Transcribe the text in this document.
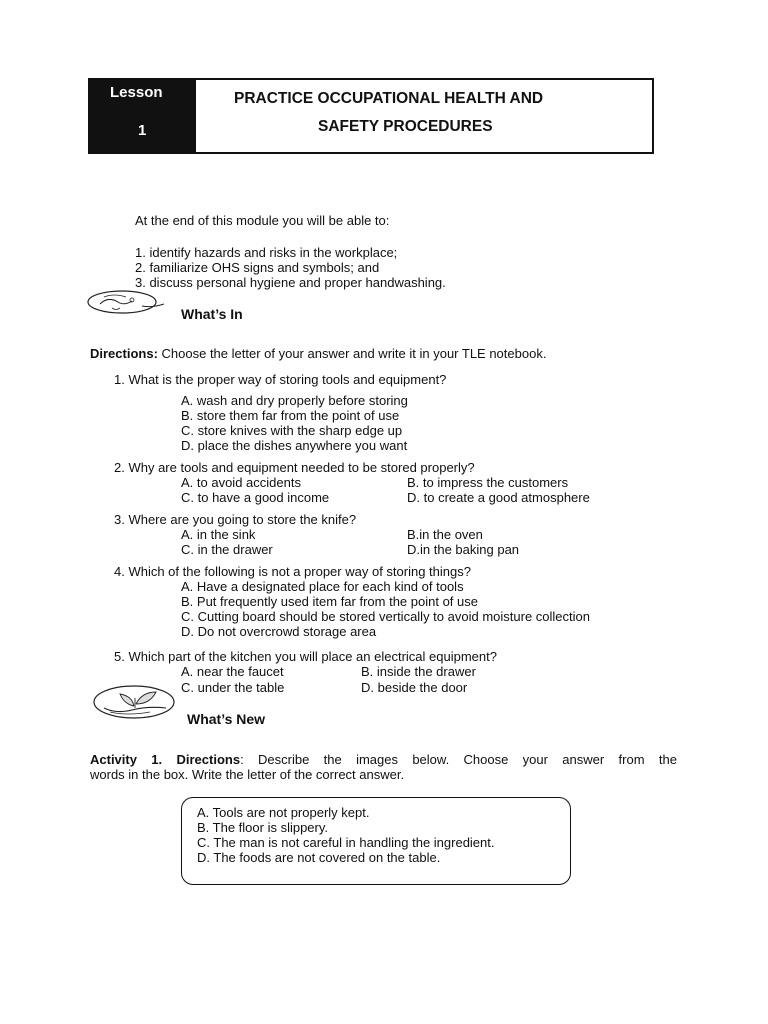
Lesson
1
PRACTICE OCCUPATIONAL HEALTH AND
SAFETY PROCEDURES
At the end of this module you will be able to:
1. identify hazards and risks in the workplace;
2. familiarize OHS signs and symbols; and
3. discuss personal hygiene and proper handwashing.
What’s In
Directions: Choose the letter of your answer and write it in your TLE notebook.
1. What is the proper way of storing tools and equipment?
A. wash and dry properly before storing
B. store them far from the point of use
C. store knives with the sharp edge up
D. place the dishes anywhere you want
2. Why are tools and equipment needed to be stored properly?
A. to avoid accidents	B. to impress the customers
C. to have a good income	D. to create a good atmosphere
3. Where are you going to store the knife?
A. in the sink	B.in the oven
C. in the drawer	D.in the baking pan
4. Which of the following is not a proper way of storing things?
A. Have a designated place for each kind of tools
B. Put frequently used item far from the point of use
C. Cutting board should be stored vertically to avoid moisture collection
D. Do not overcrowd storage area
5. Which part of the kitchen you will place an electrical equipment?
A. near the faucet	B. inside the drawer
C. under the table	D. beside the door
What’s New
Activity 1. Directions: Describe the images below. Choose your answer from the
words in the box. Write the letter of the correct answer.
A. Tools are not properly kept.
B. The floor is slippery.
C. The man is not careful in handling the ingredient.
D. The foods are not covered on the table.
